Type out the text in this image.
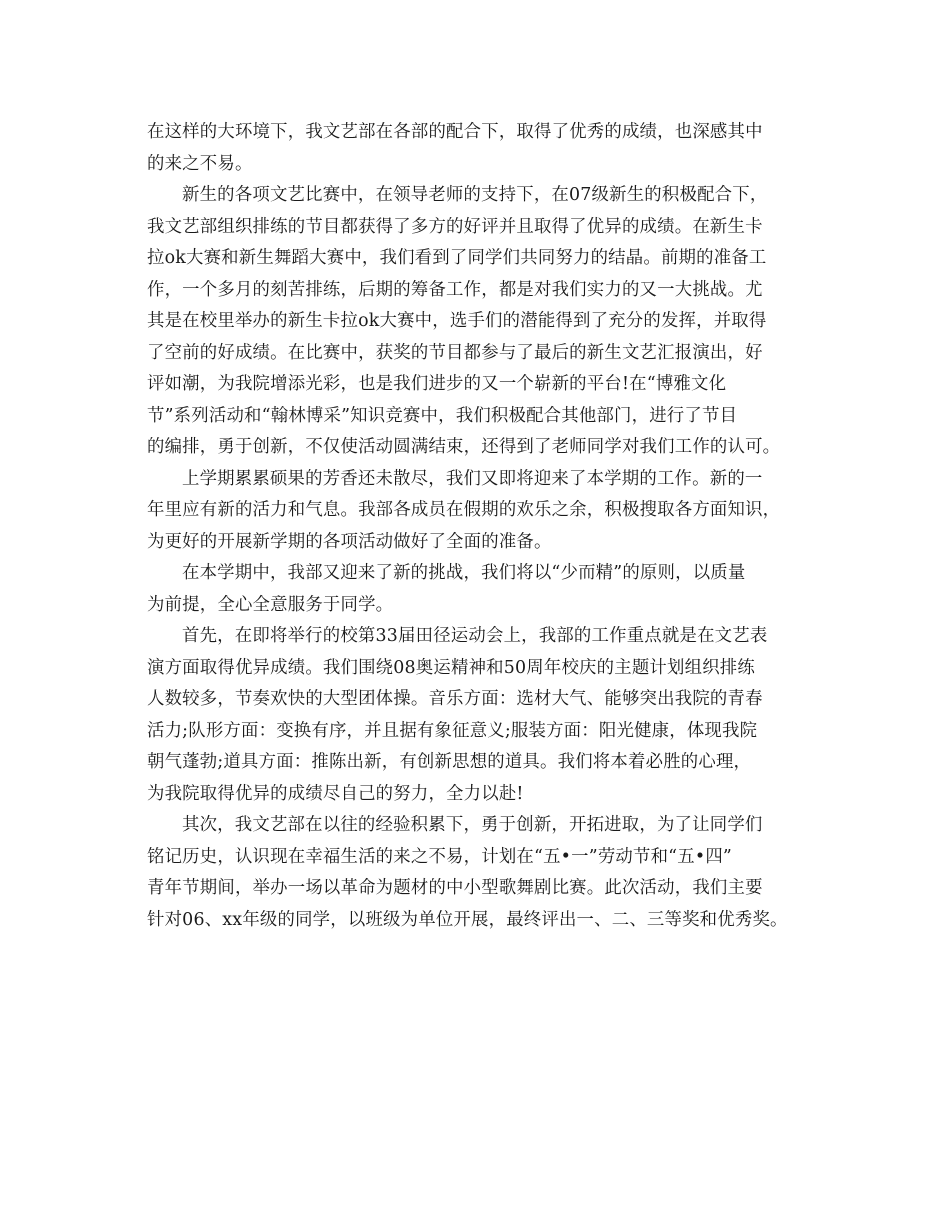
在这样的大环境下，我文艺部在各部的配合下，取得了优秀的成绩，也深感其中
的来之不易。
新生的各项文艺比赛中，在领导老师的支持下，在07级新生的积极配合下，
我文艺部组织排练的节目都获得了多方的好评并且取得了优异的成绩。在新生卡
拉ok大赛和新生舞蹈大赛中，我们看到了同学们共同努力的结晶。前期的准备工
作，一个多月的刻苦排练，后期的筹备工作，都是对我们实力的又一大挑战。尤
其是在校里举办的新生卡拉ok大赛中，选手们的潜能得到了充分的发挥，并取得
了空前的好成绩。在比赛中，获奖的节目都参与了最后的新生文艺汇报演出，好
评如潮，为我院增添光彩，也是我们进步的又一个崭新的平台!在“博雅文化
节”系列活动和“翰林博采”知识竞赛中，我们积极配合其他部门，进行了节目
的编排，勇于创新，不仅使活动圆满结束，还得到了老师同学对我们工作的认可。
上学期累累硕果的芳香还未散尽，我们又即将迎来了本学期的工作。新的一
年里应有新的活力和气息。我部各成员在假期的欢乐之余，积极搜取各方面知识，
为更好的开展新学期的各项活动做好了全面的准备。
在本学期中，我部又迎来了新的挑战，我们将以“少而精”的原则，以质量
为前提，全心全意服务于同学。
首先，在即将举行的校第33届田径运动会上，我部的工作重点就是在文艺表
演方面取得优异成绩。我们围绕08奥运精神和50周年校庆的主题计划组织排练
人数较多，节奏欢快的大型团体操。音乐方面：选材大气、能够突出我院的青春
活力;队形方面：变换有序，并且据有象征意义;服装方面：阳光健康，体现我院
朝气蓬勃;道具方面：推陈出新，有创新思想的道具。我们将本着必胜的心理，
为我院取得优异的成绩尽自己的努力，全力以赴!
其次，我文艺部在以往的经验积累下，勇于创新，开拓进取，为了让同学们
铭记历史，认识现在幸福生活的来之不易，计划在“五•一”劳动节和“五•四”
青年节期间，举办一场以革命为题材的中小型歌舞剧比赛。此次活动，我们主要
针对06、xx年级的同学，以班级为单位开展，最终评出一、二、三等奖和优秀奖。
